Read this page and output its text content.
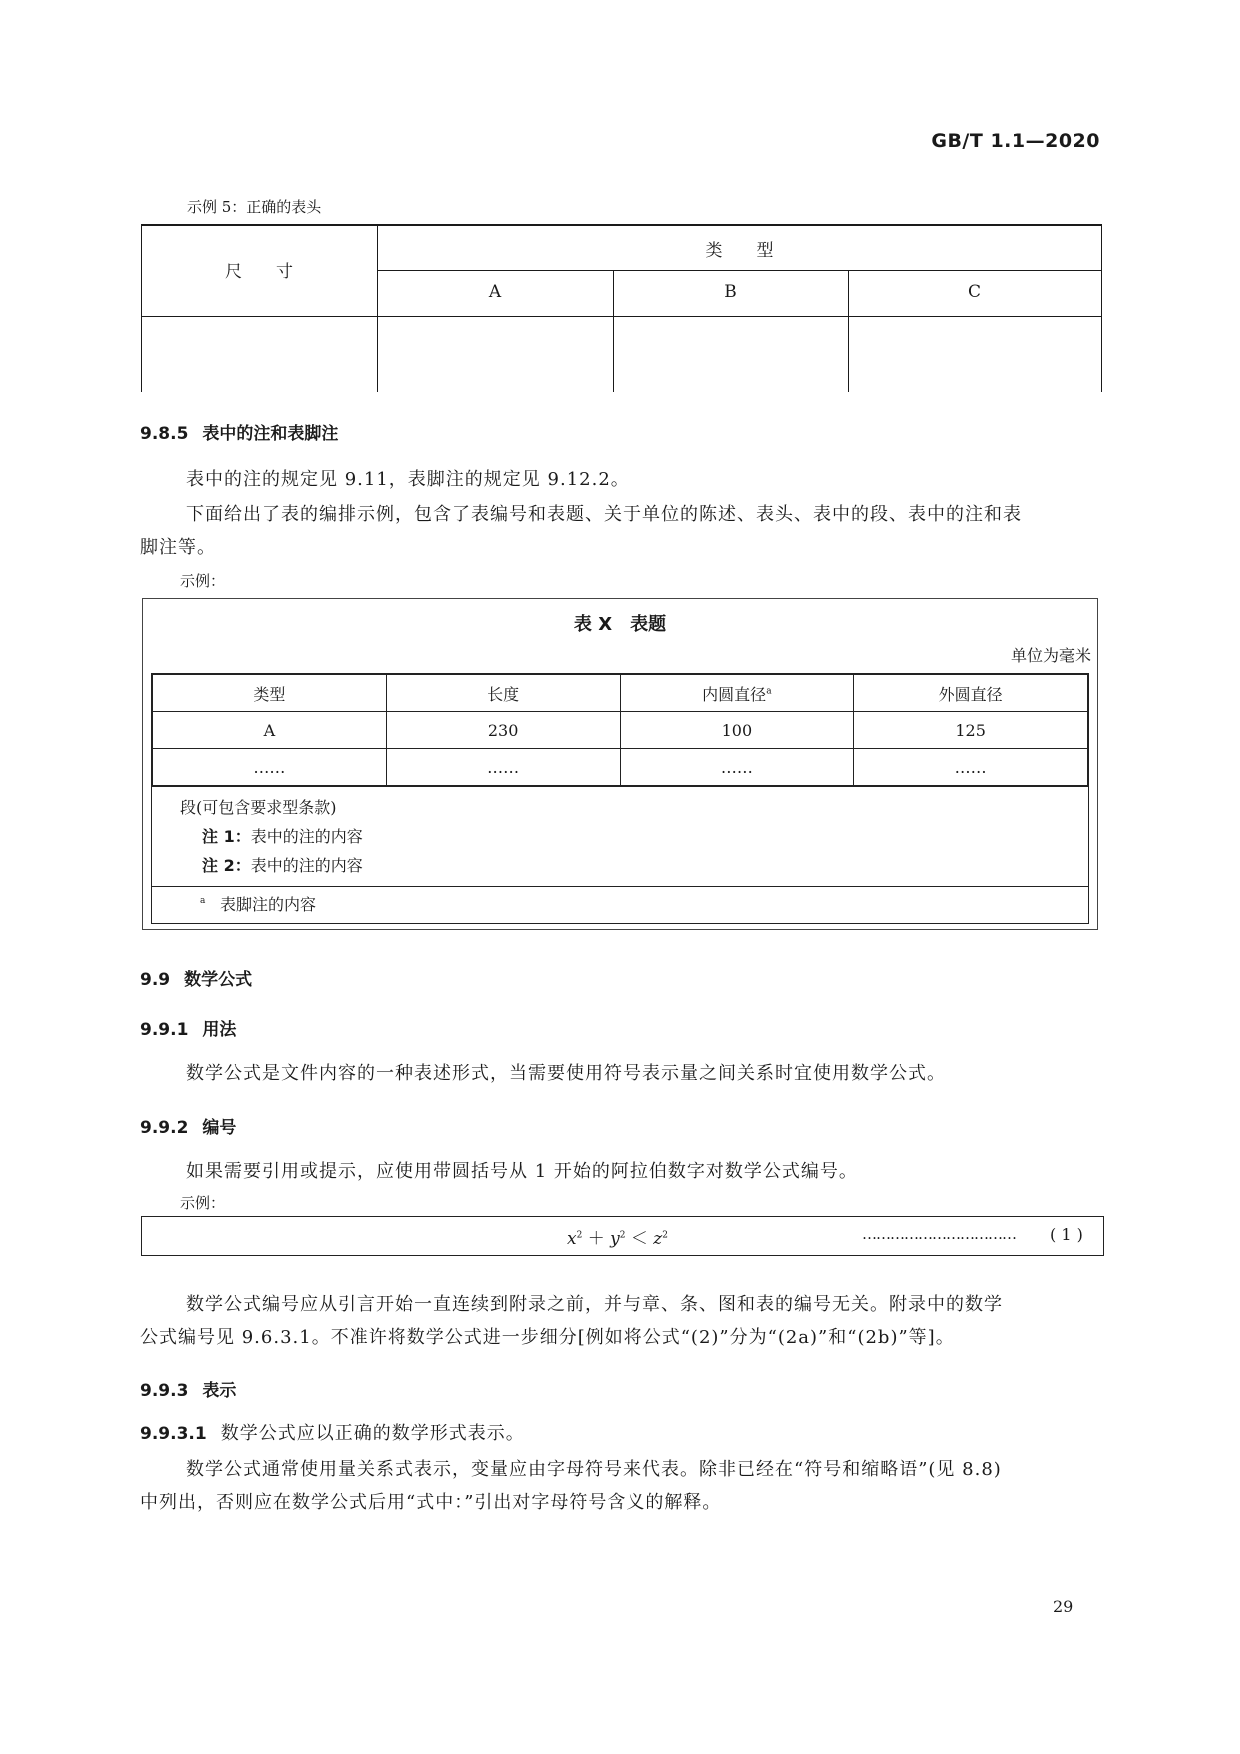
GB/T 1.1—2020
示例 5：正确的表头
尺　　寸
类　　型
A	B	C
9.8.5 表中的注和表脚注
表中的注的规定见 9.11，表脚注的规定见 9.12.2。
下面给出了表的编排示例，包含了表编号和表题、关于单位的陈述、表头、表中的段、表中的注和表
脚注等。
示例：
表 X　表题
单位为毫米
类型	长度	内圆直径$^a$	外圆直径
A	230	100	125
……	……	……	……
段(可包含要求型条款)
注 1：表中的注的内容
注 2：表中的注的内容
a 表脚注的内容
9.9 数学公式
9.9.1 用法
数学公式是文件内容的一种表述形式，当需要使用符号表示量之间关系时宜使用数学公式。
9.9.2 编号
如果需要引用或提示，应使用带圆括号从 1 开始的阿拉伯数字对数学公式编号。
示例：
$x^2 + y^2 < z^2$	…………………………… ( 1 )
数学公式编号应从引言开始一直连续到附录之前，并与章、条、图和表的编号无关。附录中的数学
公式编号见 9.6.3.1。不准许将数学公式进一步细分[例如将公式“(2)”分为“(2a)”和“(2b)”等]。
9.9.3 表示
9.9.3.1 数学公式应以正确的数学形式表示。
数学公式通常使用量关系式表示，变量应由字母符号来代表。除非已经在“符号和缩略语”(见 8.8)
中列出，否则应在数学公式后用“式中：”引出对字母符号含义的解释。
29
